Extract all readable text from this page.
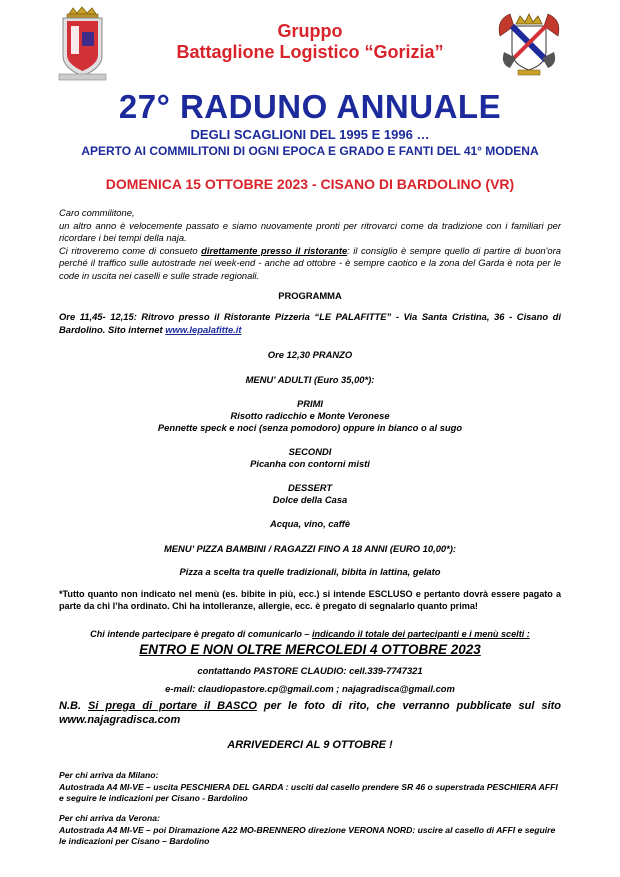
Gruppo
Battaglione Logistico “Gorizia”
27° RADUNO ANNUALE
DEGLI SCAGLIONI DEL 1995 E 1996 …
APERTO AI COMMILITONI DI OGNI EPOCA E GRADO E FANTI DEL 41° MODENA
DOMENICA 15 OTTOBRE 2023 - CISANO DI BARDOLINO (VR)

Caro commilitone,

un altro anno è velocemente passato e siamo nuovamente pronti per ritrovarci come da tradizione con i familiari per ricordare i bei tempi della naja.

Ci ritroveremo come di consueto direttamente presso il ristorante: il consiglio è sempre quello di partire di buon'ora perché il traffico sulle autostrade nei week-end - anche ad ottobre - è sempre caotico e la zona del Garda è nota per le code in uscita nei caselli e sulle strade regionali.

PROGRAMMA
Ore 11,45- 12,15: Ritrovo presso il Ristorante Pizzeria “LE PALAFITTE” - Via Santa Cristina, 36 - Cisano di Bardolino. Sito internet www.lepalafitte.it
Ore 12,30 PRANZO
MENU’ ADULTI (Euro 35,00*):
PRIMI
Risotto radicchio e Monte Veronese
Pennette speck e noci (senza pomodoro) oppure in bianco o al sugo
SECONDI
Picanha con contorni misti
DESSERT
Dolce della Casa
Acqua, vino, caffè
MENU’ PIZZA BAMBINI / RAGAZZI FINO A 18 ANNI (EURO 10,00*):
Pizza a scelta tra quelle tradizionali, bibita in lattina, gelato
*Tutto quanto non indicato nel menù (es. bibite in più, ecc.) si intende ESCLUSO e pertanto dovrà essere pagato a parte da chi l’ha ordinato. Chi ha intolleranze, allergie, ecc. è pregato di segnalarlo quanto prima!
Chi intende partecipare è pregato di comunicarlo – indicando il totale dei partecipanti e i menù scelti :
ENTRO E NON OLTRE MERCOLEDI 4 OTTOBRE 2023
contattando PASTORE CLAUDIO: cell.339-7747321
e-mail: claudiopastore.cp@gmail.com ; najagradisca@gmail.com
N.B. Si prega di portare il BASCO per le foto di rito, che verranno pubblicate sul sito www.najagradisca.com
ARRIVEDERCI AL 9 OTTOBRE !

Per chi arriva da Milano:

Autostrada A4 MI-VE – uscita PESCHIERA DEL GARDA : usciti dal casello prendere SR 46 o superstrada PESCHIERA AFFI e seguire le indicazioni per Cisano - Bardolino

Per chi arriva da Verona:

Autostrada A4 MI-VE – poi Diramazione A22 MO-BRENNERO direzione VERONA NORD: uscire al casello di AFFI e seguire le indicazioni per Cisano – Bardolino
